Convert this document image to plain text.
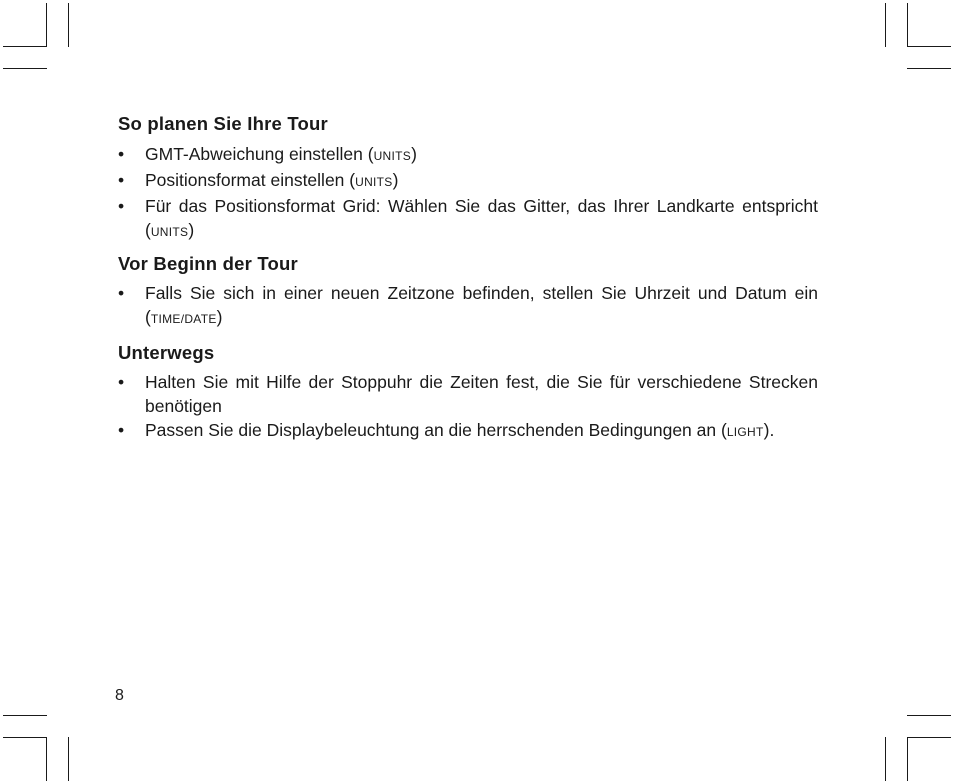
So planen Sie Ihre Tour
• GMT-Abweichung einstellen (UNITS)
• Positionsformat einstellen (UNITS)
• Für das Positionsformat Grid: Wählen Sie das Gitter, das Ihrer Landkarte entspricht (UNITS)
Vor Beginn der Tour
• Falls Sie sich in einer neuen Zeitzone befinden, stellen Sie Uhrzeit und Datum ein (TIME/DATE)
Unterwegs
• Halten Sie mit Hilfe der Stoppuhr die Zeiten fest, die Sie für verschiedene Strecken benötigen
• Passen Sie die Displaybeleuchtung an die herrschenden Bedingungen an (LIGHT).
8
